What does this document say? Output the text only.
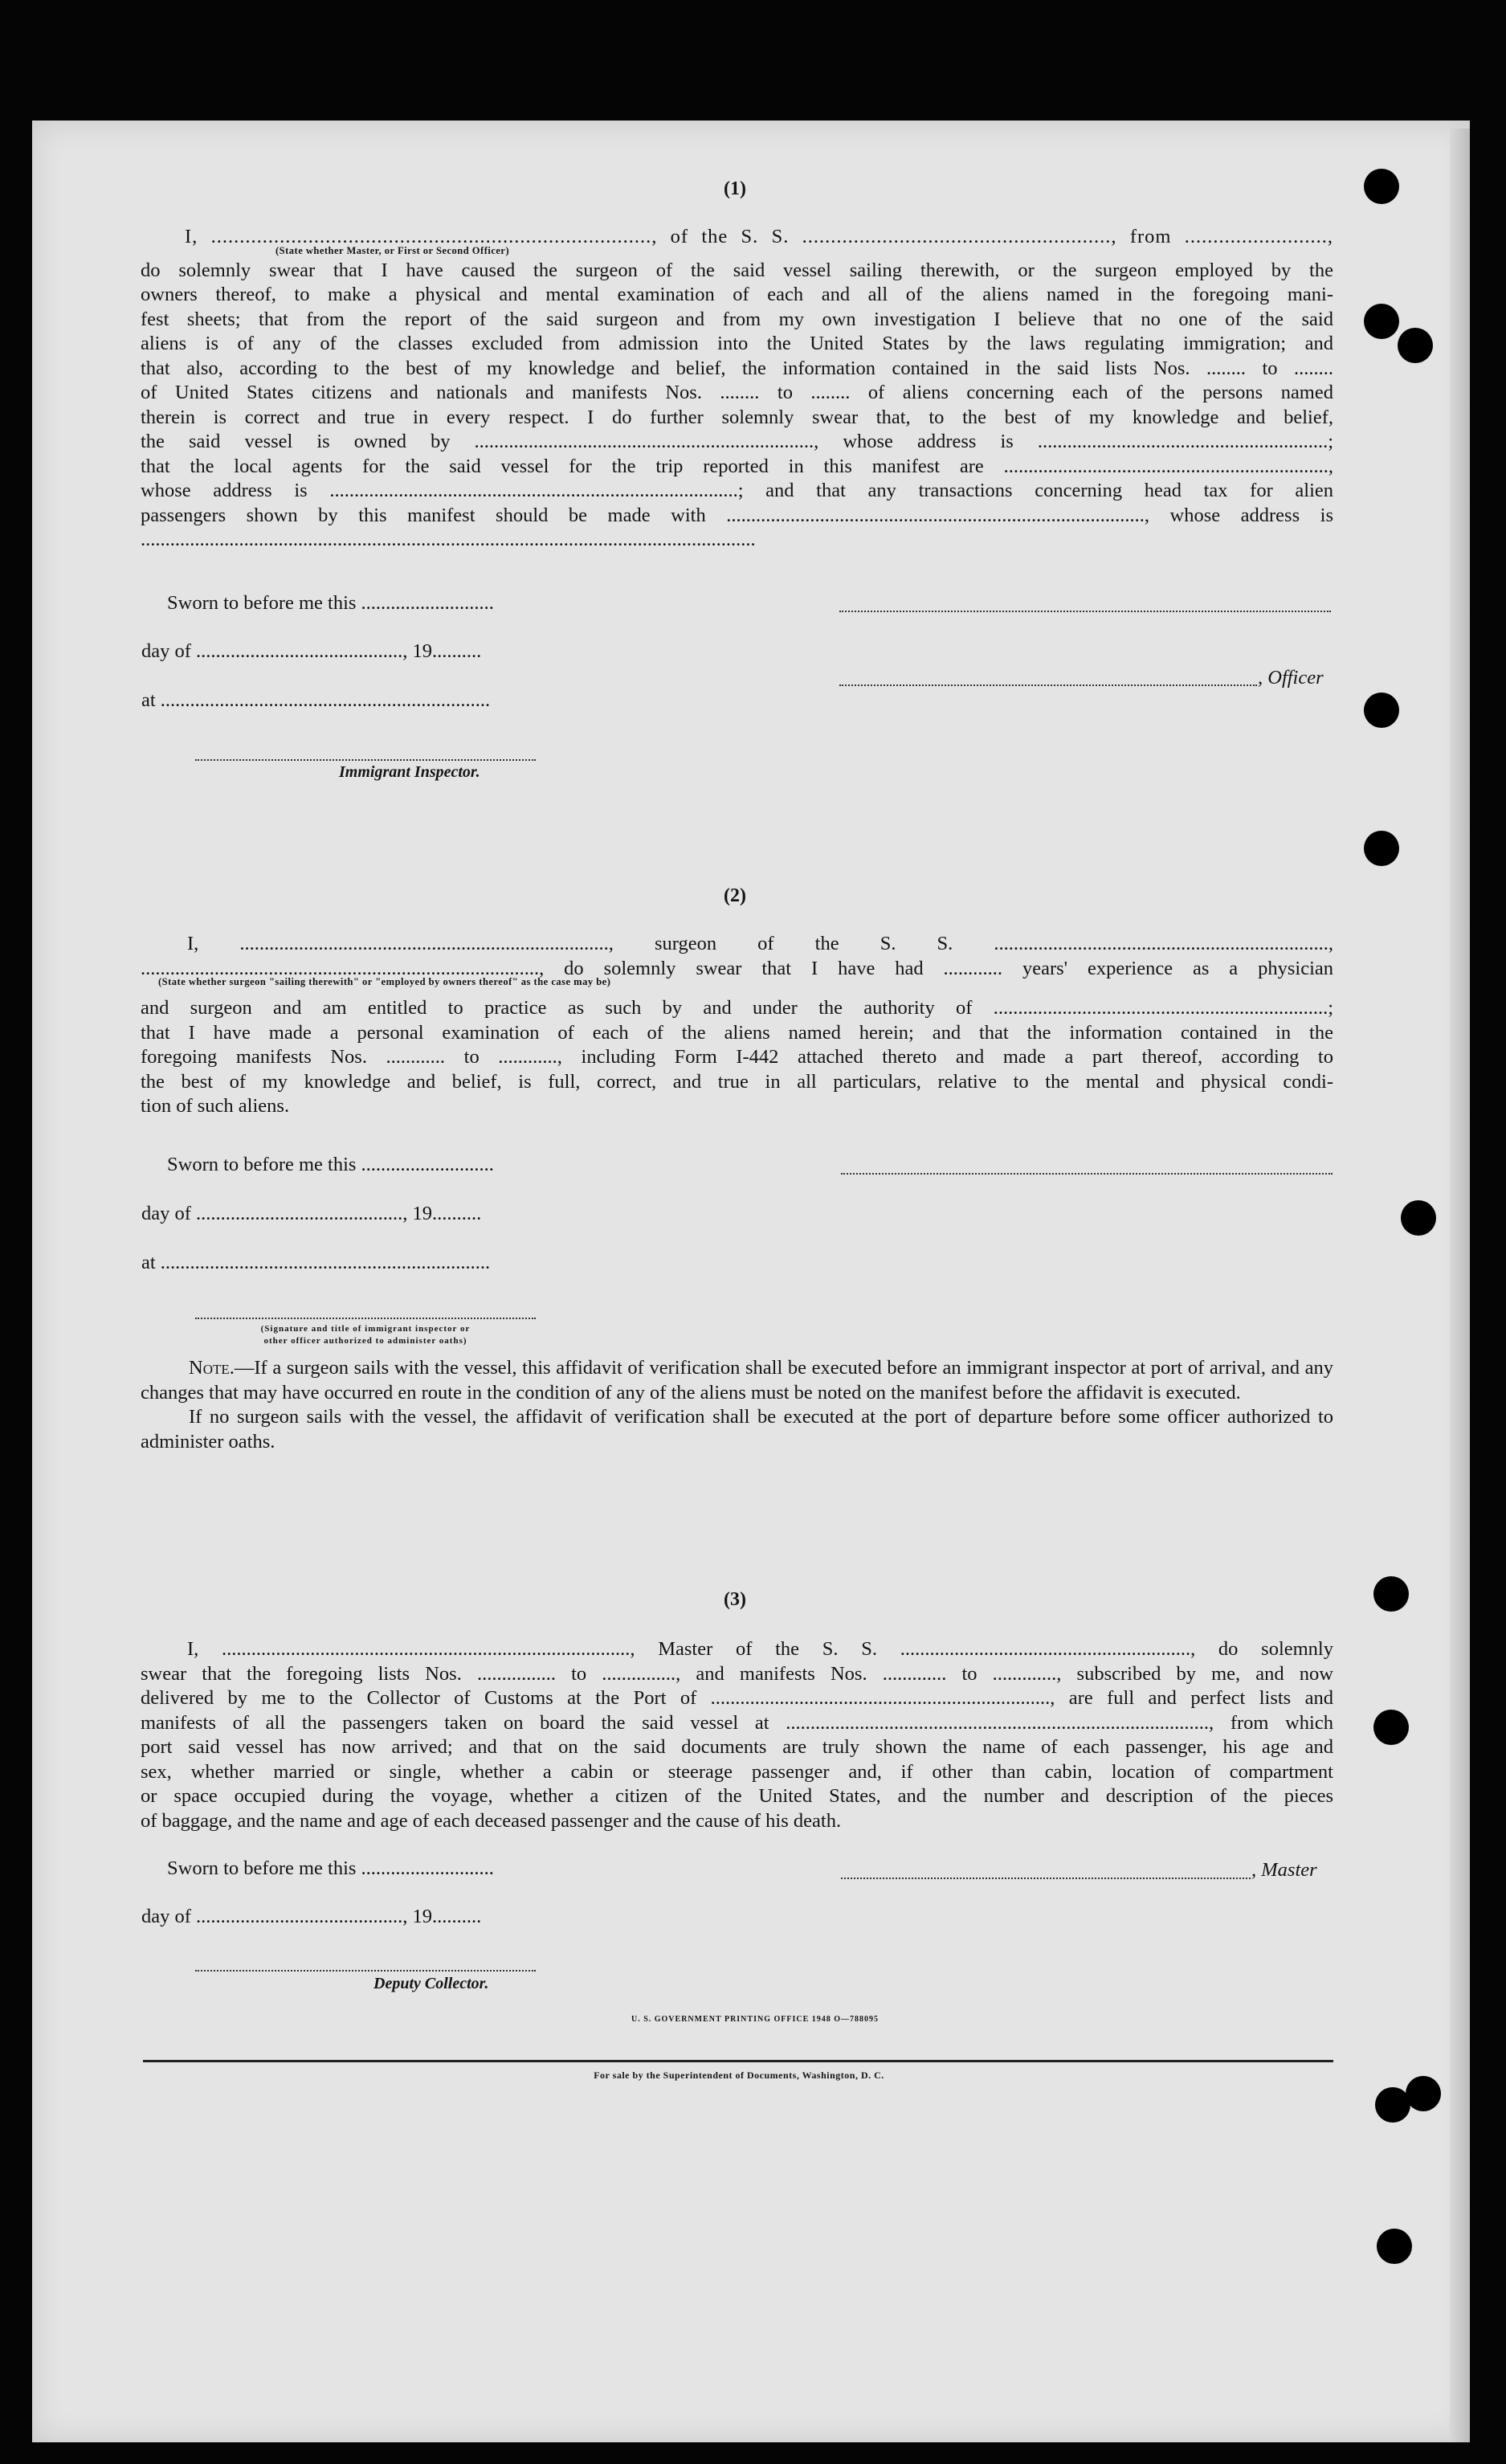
(1)

I, ............................................................................., of the S. S. ......................................................, from .........................,

(State whether Master, or First or Second Officer)

do solemnly swear that I have caused the surgeon of the said vessel sailing therewith, or the surgeon employed by the

owners thereof, to make a physical and mental examination of each and all of the aliens named in the foregoing mani-

fest sheets; that from the report of the said surgeon and from my own investigation I believe that no one of the said

aliens is of any of the classes excluded from admission into the United States by the laws regulating immigration; and

that also, according to the best of my knowledge and belief, the information contained in the said lists Nos. ........ to ........

of United States citizens and nationals and manifests Nos. ........ to ........ of aliens concerning each of the persons named

therein is correct and true in every respect. I do further solemnly swear that, to the best of my knowledge and belief,

the said vessel is owned by ....................................................................., whose address is ...........................................................;

that the local agents for the said vessel for the trip reported in this manifest are ..................................................................,

whose address is ...................................................................................; and that any transactions concerning head tax for alien

passengers shown by this manifest should be made with ....................................................................................., whose address is

.............................................................................................................................

Sworn to before me this ...........................
day of .........................................., 19..........
at ...................................................................
, Officer
Immigrant Inspector.
(2)

I, ..........................................................................., surgeon of the S. S. ....................................................................,

................................................................................., do solemnly swear that I have had ............ years' experience as a physician

(State whether surgeon "sailing therewith" or "employed by owners thereof" as the case may be)

and surgeon and am entitled to practice as such by and under the authority of ....................................................................;

that I have made a personal examination of each of the aliens named herein; and that the information contained in the

foregoing manifests Nos. ............ to ............, including Form I-442 attached thereto and made a part thereof, according to

the best of my knowledge and belief, is full, correct, and true in all particulars, relative to the mental and physical condi-

tion of such aliens.

Sworn to before me this ...........................
day of .........................................., 19..........
at ...................................................................
(Signature and title of immigrant inspector or
other officer authorized to administer oaths)

Note.—If a surgeon sails with the vessel, this affidavit of verification shall be executed before an immigrant inspector at port of arrival, and any changes that may have occurred en route in the condition of any of the aliens must be noted on the manifest before the affidavit is executed.

If no surgeon sails with the vessel, the affidavit of verification shall be executed at the port of departure before some officer authorized to administer oaths.

(3)

I, ..................................................................................., Master of the S. S. ..........................................................., do solemnly

swear that the foregoing lists Nos. ................ to ..............., and manifests Nos. ............. to ............., subscribed by me, and now

delivered by me to the Collector of Customs at the Port of ....................................................................., are full and perfect lists and

manifests of all the passengers taken on board the said vessel at ......................................................................................, from which

port said vessel has now arrived; and that on the said documents are truly shown the name of each passenger, his age and

sex, whether married or single, whether a cabin or steerage passenger and, if other than cabin, location of compartment

or space occupied during the voyage, whether a citizen of the United States, and the number and description of the pieces

of baggage, and the name and age of each deceased passenger and the cause of his death.

Sworn to before me this ...........................
day of .........................................., 19..........
, Master
Deputy Collector.
U. S. GOVERNMENT PRINTING OFFICE 1948 O—788095
For sale by the Superintendent of Documents, Washington, D. C.
